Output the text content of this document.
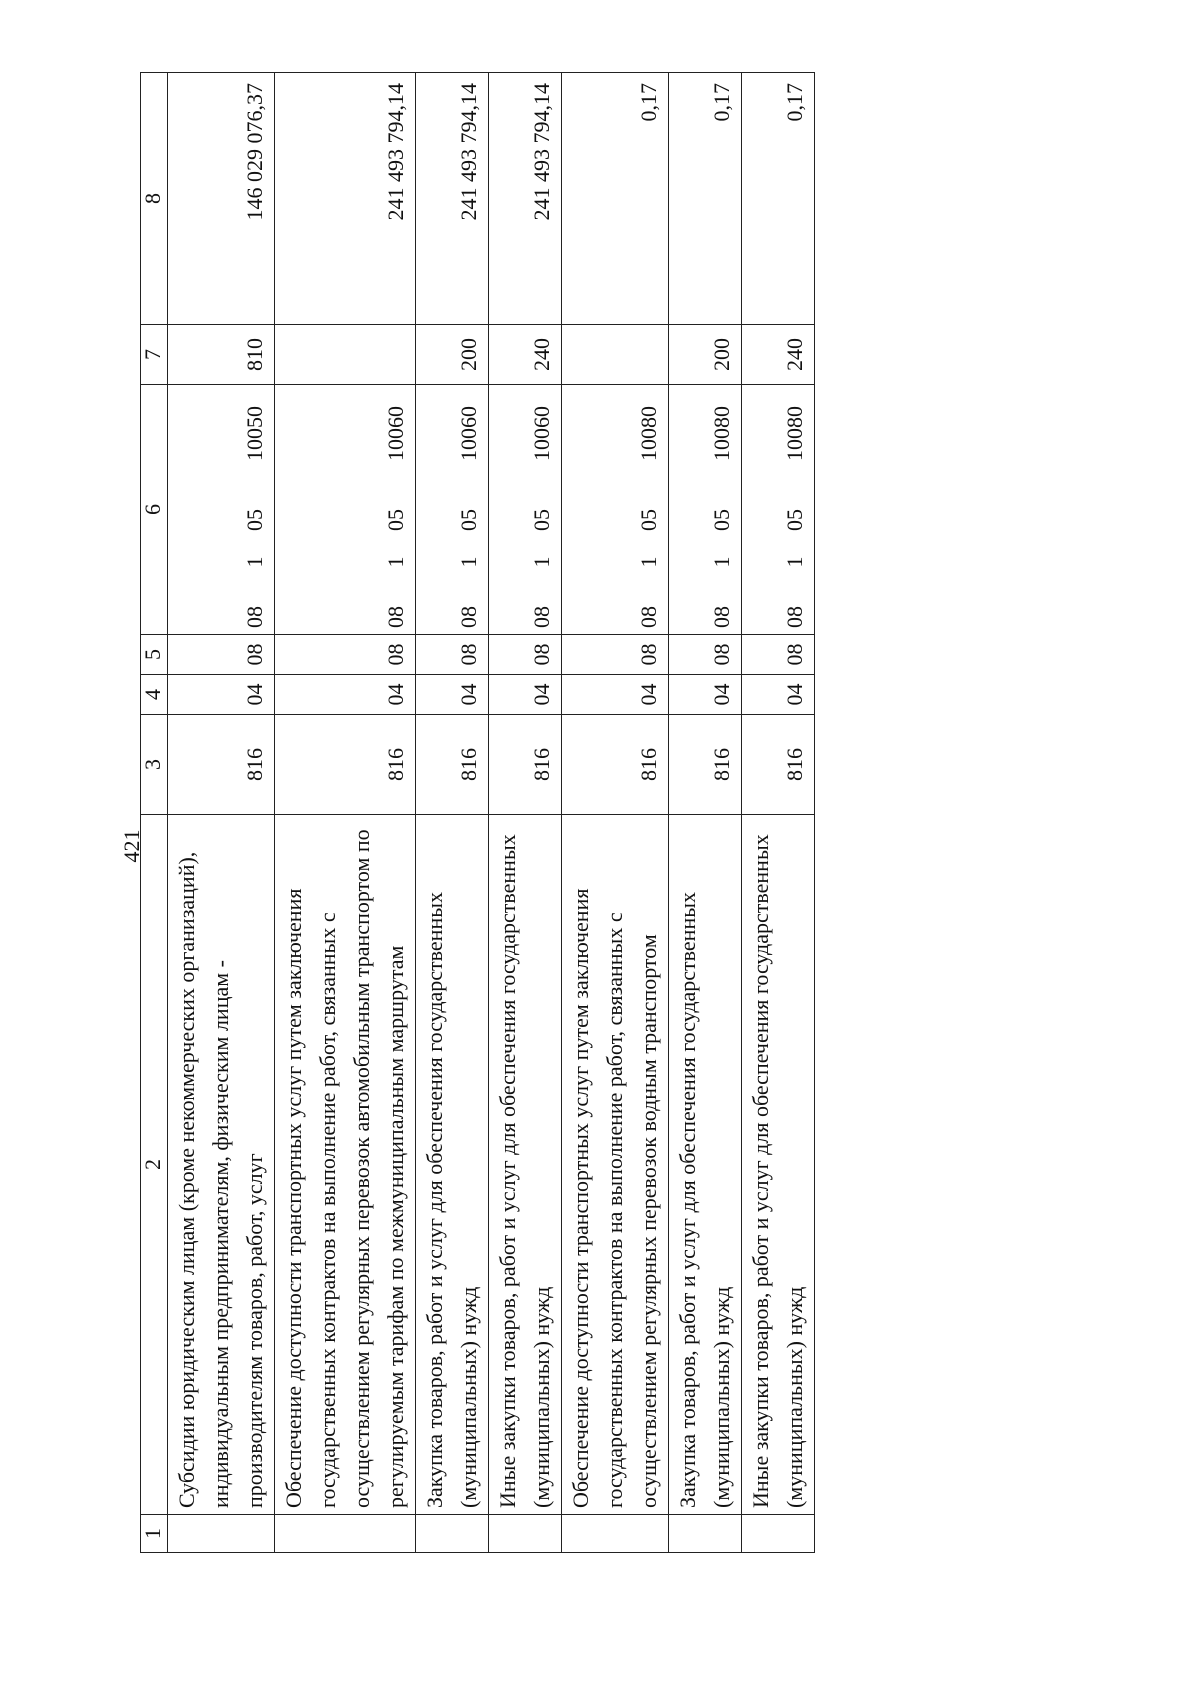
421
1	2	3	4	5	6	7	8
	Субсидии юридическим лицам (кроме некоммерческих организаций), индивидуальным предпринимателям, физическим лицам - производителям товаров, работ, услуг	816	04	08	0810510050	810	146 029 076,37
	Обеспечение доступности транспортных услуг путем заключения государственных контрактов на выполнение работ, связанных с осуществлением регулярных перевозок автомобильным транспортом по регулируемым тарифам по межмуниципальным маршрутам	816	04	08	0810510060		241 493 794,14
	Закупка товаров, работ и услуг для обеспечения государственных (муниципальных) нужд	816	04	08	0810510060	200	241 493 794,14
	Иные закупки товаров, работ и услуг для обеспечения государственных (муниципальных) нужд	816	04	08	0810510060	240	241 493 794,14
	Обеспечение доступности транспортных услуг путем заключения государственных контрактов на выполнение работ, связанных с осуществлением регулярных перевозок водным транспортом	816	04	08	0810510080		0,17
	Закупка товаров, работ и услуг для обеспечения государственных (муниципальных) нужд	816	04	08	0810510080	200	0,17
	Иные закупки товаров, работ и услуг для обеспечения государственных (муниципальных) нужд	816	04	08	0810510080	240	0,17
